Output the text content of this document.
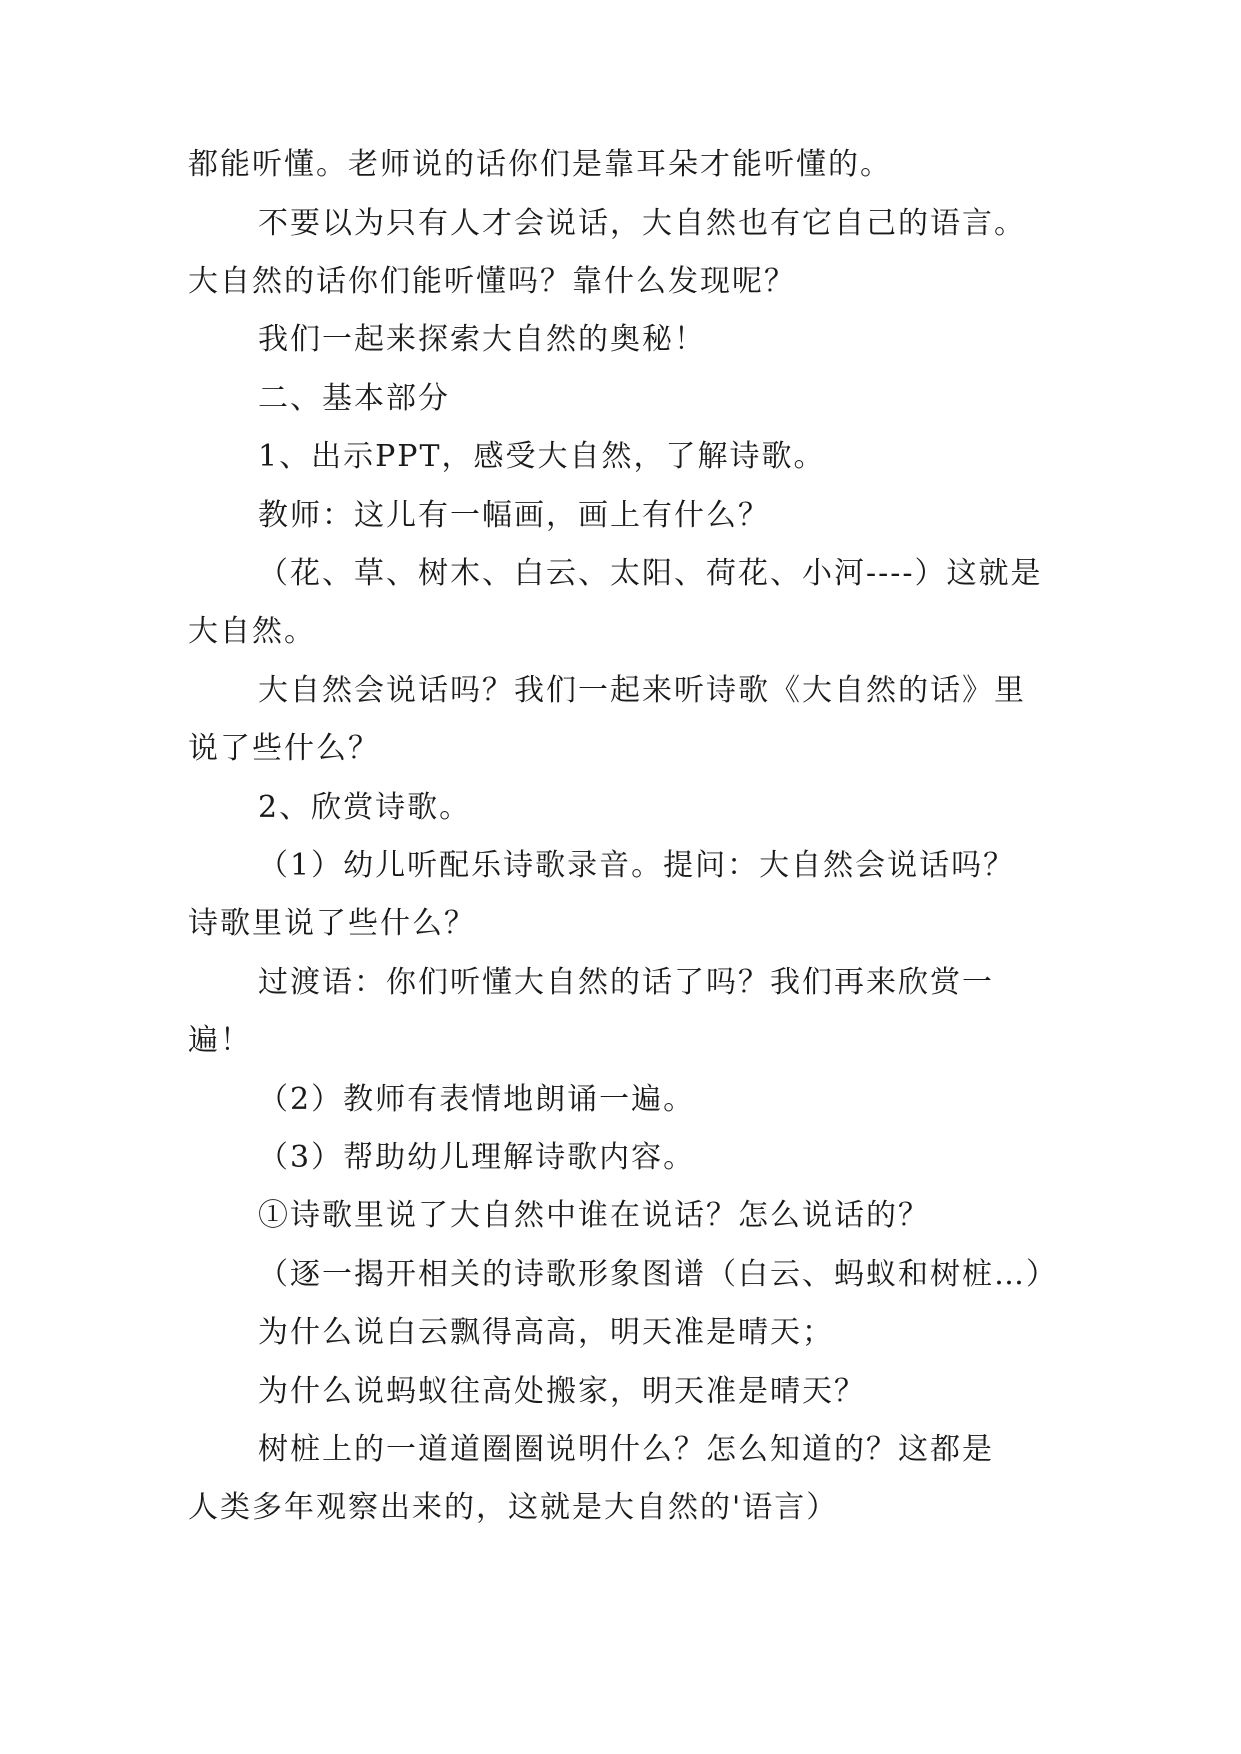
都能听懂。老师说的话你们是靠耳朵才能听懂的。
不要以为只有人才会说话，大自然也有它自己的语言。
大自然的话你们能听懂吗？靠什么发现呢？
我们一起来探索大自然的奥秘！
二、基本部分
1、出示PPT，感受大自然，了解诗歌。
教师：这儿有一幅画，画上有什么？
（花、草、树木、白云、太阳、荷花、小河----）这就是
大自然。
大自然会说话吗？我们一起来听诗歌《大自然的话》里
说了些什么？
2、欣赏诗歌。
（1）幼儿听配乐诗歌录音。提问：大自然会说话吗？
诗歌里说了些什么？
过渡语：你们听懂大自然的话了吗？我们再来欣赏一
遍！
（2）教师有表情地朗诵一遍。
（3）帮助幼儿理解诗歌内容。
①诗歌里说了大自然中谁在说话？怎么说话的？
（逐一揭开相关的诗歌形象图谱（白云、蚂蚁和树桩…）
为什么说白云飘得高高，明天准是晴天；
为什么说蚂蚁往高处搬家，明天准是晴天？
树桩上的一道道圈圈说明什么？怎么知道的？这都是
人类多年观察出来的，这就是大自然的'语言）
